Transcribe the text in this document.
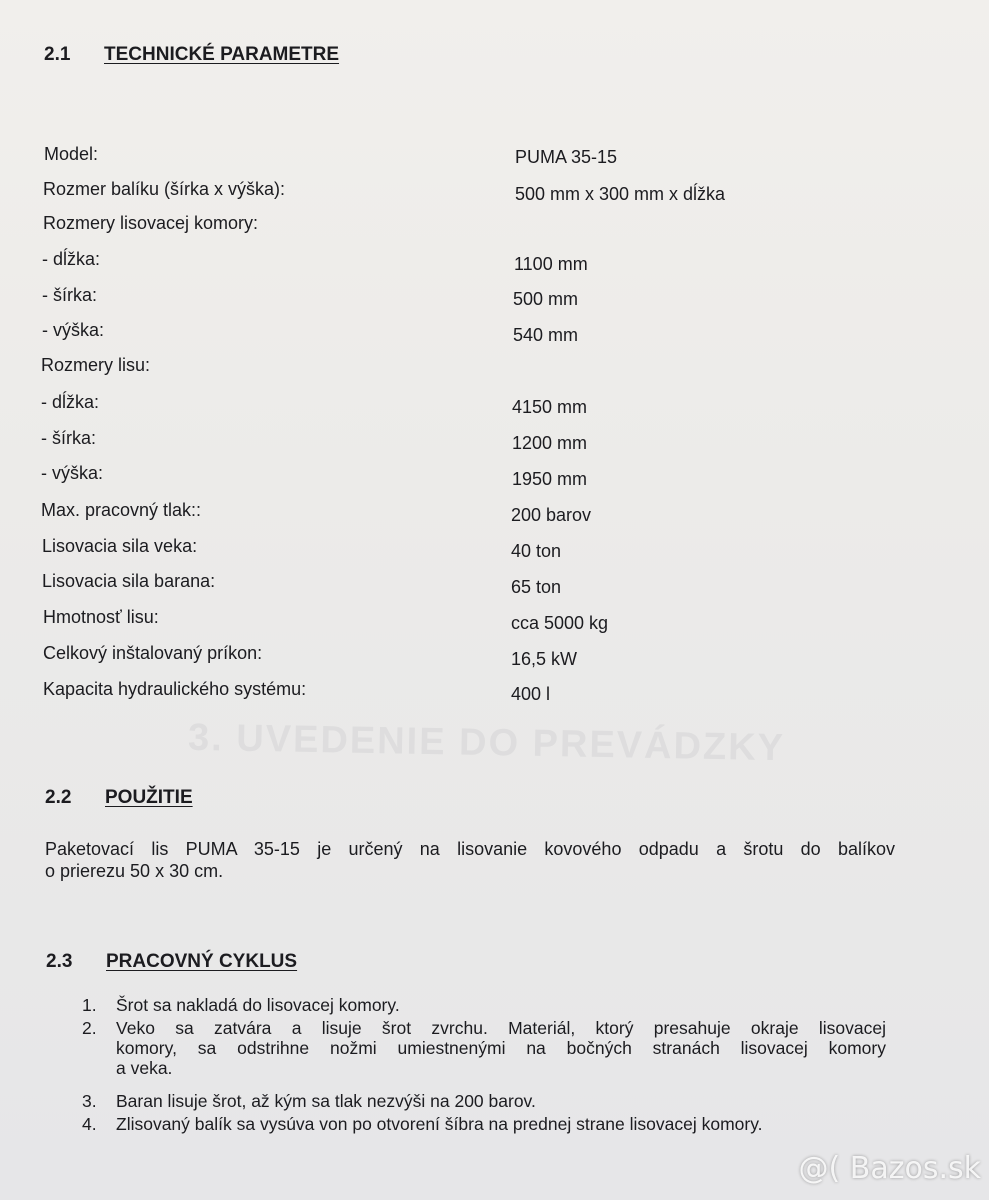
3. UVEDENIE DO PREVÁDZKY
2.1 TECHNICKÉ PARAMETRE
Model:	PUMA 35-15
Rozmer balíku (šírka x výška):	500 mm x 300 mm x dĺžka
Rozmery lisovacej komory:
- dĺžka:	1100 mm
- šírka:	500 mm
- výška:	540 mm
Rozmery lisu:
- dĺžka:	4150 mm
- šírka:	1200 mm
- výška:	1950 mm
Max. pracovný tlak::	200 barov
Lisovacia sila veka:	40 ton
Lisovacia sila barana:	65 ton
Hmotnosť lisu:	cca 5000 kg
Celkový inštalovaný príkon:	16,5 kW
Kapacita hydraulického systému:	400 l
2.2 POUŽITIE
Paketovací lis PUMA 35-15 je určený na lisovanie kovového odpadu a šrotu do balíkov
o prierezu 50 x 30 cm.
2.3 PRACOVNÝ CYKLUS
1.	Šrot sa nakladá do lisovacej komory.
2.	Veko sa zatvára a lisuje šrot zvrchu. Materiál, ktorý presahuje okraje lisovacej
komory, sa odstrihne nožmi umiestnenými na bočných stranách lisovacej komory
a veka.
3.	Baran lisuje šrot, až kým sa tlak nezvýši na 200 barov.
4.	Zlisovaný balík sa vysúva von po otvorení šíbra na prednej strane lisovacej komory.
@( Bazos.sk
